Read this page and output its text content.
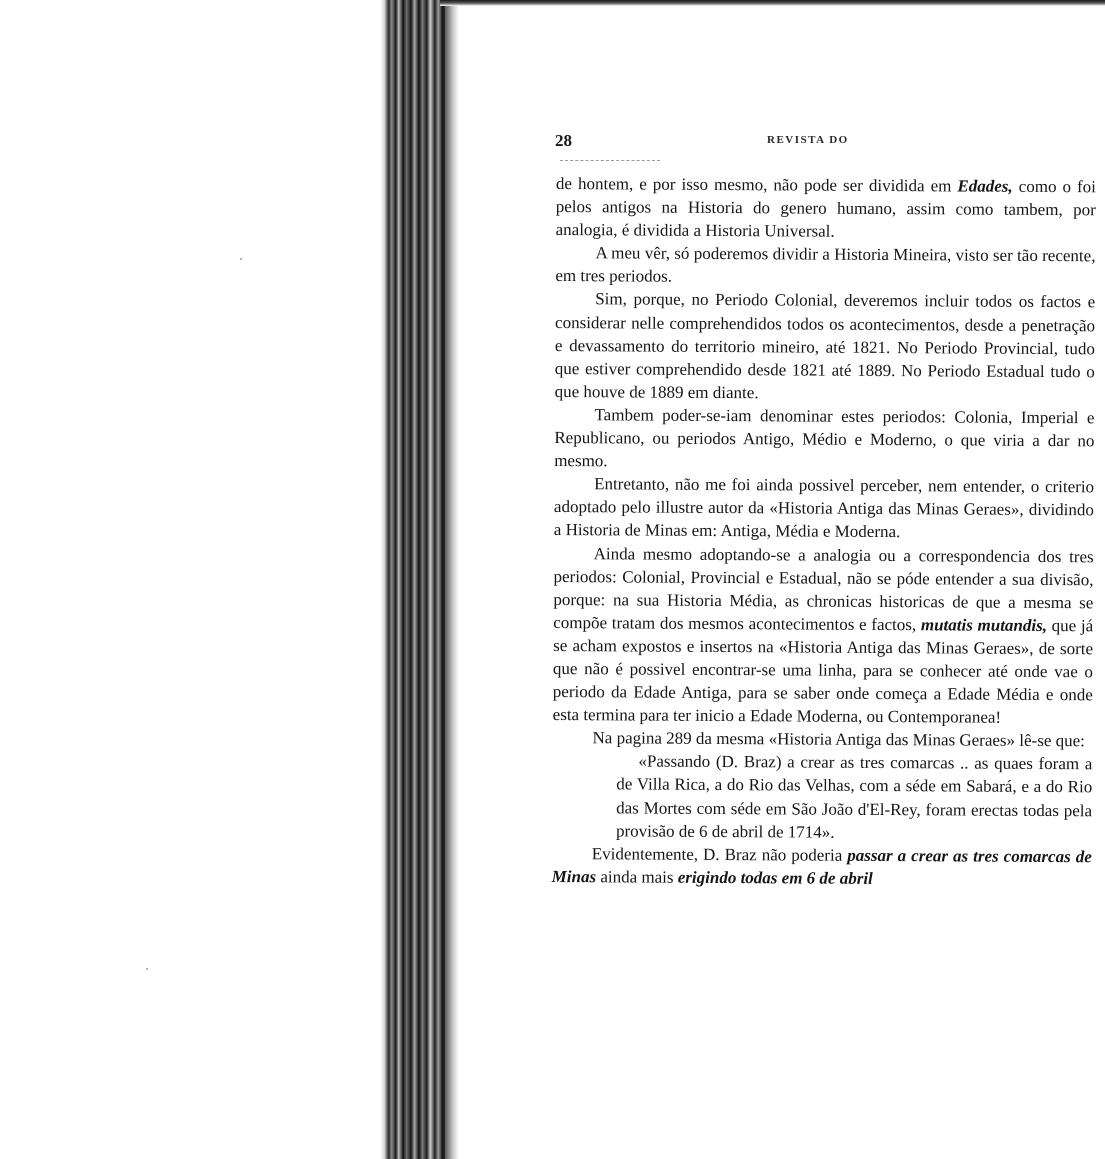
28	REVISTA DO

de hontem, e por isso mesmo, não pode ser dividida em Edades, como o foi pelos antigos na Historia do genero humano, assim como tambem, por analogia, é dividida a Historia Universal.

A meu vêr, só poderemos dividir a Historia Mineira, visto ser tão recente, em tres periodos.

Sim, porque, no Periodo Colonial, deveremos incluir todos os factos e considerar nelle comprehendidos todos os acontecimentos, desde a penetração e devassamento do territorio mineiro, até 1821. No Periodo Provincial, tudo que estiver comprehendido desde 1821 até 1889. No Periodo Estadual tudo o que houve de 1889 em diante.

Tambem poder-se-iam denominar estes periodos: Colonia, Imperial e Republicano, ou periodos Antigo, Médio e Moderno, o que viria a dar no mesmo.

Entretanto, não me foi ainda possivel perceber, nem entender, o criterio adoptado pelo illustre autor da «Historia Antiga das Minas Geraes», dividindo a Historia de Minas em: Antiga, Média e Moderna.

Ainda mesmo adoptando-se a analogia ou a correspondencia dos tres periodos: Colonial, Provincial e Estadual, não se póde entender a sua divisão, porque: na sua Historia Média, as chronicas historicas de que a mesma se compõe tratam dos mesmos acontecimentos e factos, mutatis mutandis, que já se acham expostos e insertos na «Historia Antiga das Minas Geraes», de sorte que não é possivel encontrar-se uma linha, para se conhecer até onde vae o periodo da Edade Antiga, para se saber onde começa a Edade Média e onde esta termina para ter inicio a Edade Moderna, ou Contemporanea!

Na pagina 289 da mesma «Historia Antiga das Minas Geraes» lê-se que:

«Passando (D. Braz) a crear as tres comarcas .. as quaes foram a de Villa Rica, a do Rio das Velhas, com a séde em Sabará, e a do Rio das Mortes com séde em São João d'El-Rey, foram erectas todas pela provisão de 6 de abril de 1714».

Evidentemente, D. Braz não poderia passar a crear as tres comarcas de Minas ainda mais erigindo todas em 6 de abril
